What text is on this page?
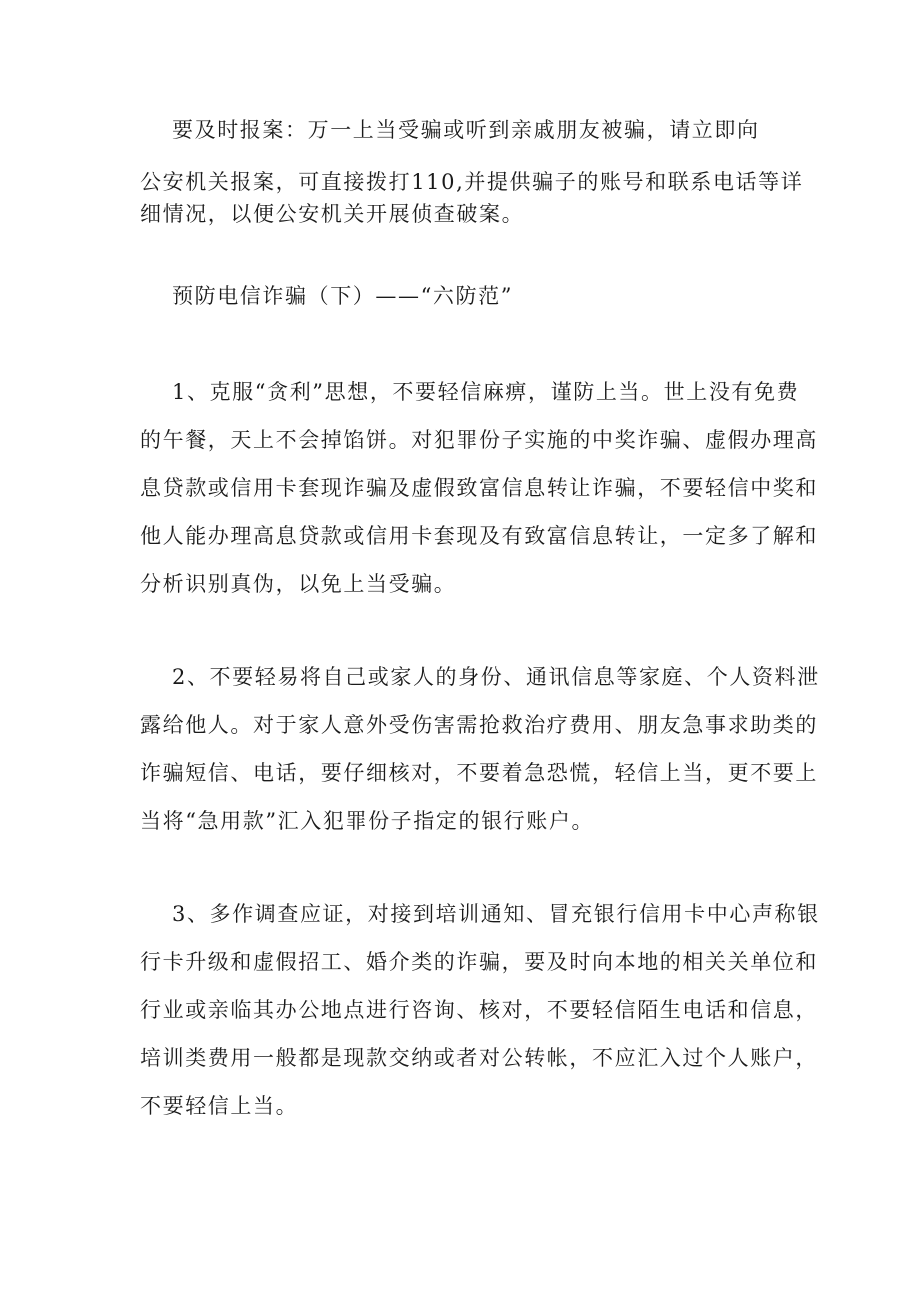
要及时报案：万一上当受骗或听到亲戚朋友被骗，请立即向
公安机关报案，可直接拨打110,并提供骗子的账号和联系电话等详
细情况，以便公安机关开展侦查破案。
预防电信诈骗（下）——“六防范”
1、克服“贪利”思想，不要轻信麻痹，谨防上当。世上没有免费
的午餐，天上不会掉馅饼。对犯罪份子实施的中奖诈骗、虚假办理高
息贷款或信用卡套现诈骗及虚假致富信息转让诈骗，不要轻信中奖和
他人能办理高息贷款或信用卡套现及有致富信息转让，一定多了解和
分析识别真伪，以免上当受骗。
2、不要轻易将自己或家人的身份、通讯信息等家庭、个人资料泄
露给他人。对于家人意外受伤害需抢救治疗费用、朋友急事求助类的
诈骗短信、电话，要仔细核对，不要着急恐慌，轻信上当，更不要上
当将“急用款”汇入犯罪份子指定的银行账户。
3、多作调查应证，对接到培训通知、冒充银行信用卡中心声称银
行卡升级和虚假招工、婚介类的诈骗，要及时向本地的相关关单位和
行业或亲临其办公地点进行咨询、核对，不要轻信陌生电话和信息，
培训类费用一般都是现款交纳或者对公转帐，不应汇入过个人账户，
不要轻信上当。
